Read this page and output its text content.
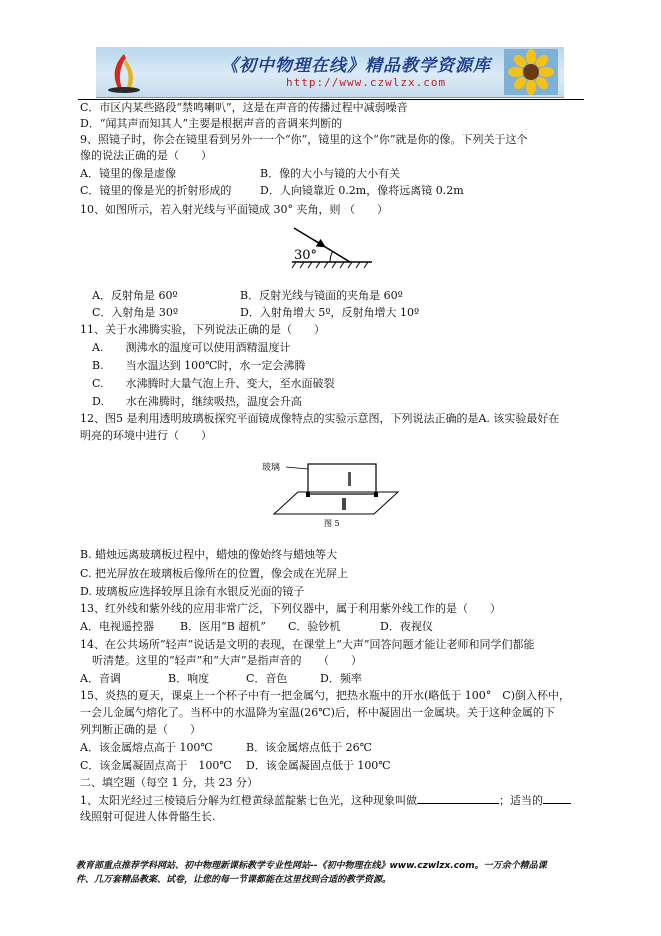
《初中物理在线》精品教学资源库
http://www.czwlzx.com
C．市区内某些路段“禁鸣喇叭”，这是在声音的传播过程中减弱噪音
D．“闻其声而知其人”主要是根据声音的音调来判断的
9、照镜子时，你会在镜里看到另外一一个“你”，镜里的这个“你”就是你的像。下列关于这个
像的说法正确的是（　　）
A．镜里的像是虚像	B．像的大小与镜的大小有关
C．镜里的像是光的折射形成的	D．人向镜靠近 0.2m，像将远离镜 0.2m
10、如图所示，若入射光线与平面镜成 30° 夹角，则 （　　）
30°
A．反射角是 60º	B．反射光线与镜面的夹角是 60º
C．入射角是 30º	D．入射角增大 5º，反射角增大 10º
11、关于水沸腾实验，下列说法正确的是（　　）
A.　　测沸水的温度可以使用酒精温度计
B.　　当水温达到 100℃时，水一定会沸腾
C.　　水沸腾时大量气泡上升、变大，至水面破裂
D.　　水在沸腾时，继续吸热，温度会升高
12、图5 是利用透明玻璃板探究平面镜成像特点的实验示意图，下列说法正确的是A. 该实验最好在
明亮的环境中进行（　　）
玻璃
图 5
B. 蜡烛远离玻璃板过程中，蜡烛的像始终与蜡烛等大
C. 把光屏放在玻璃板后像所在的位置，像会成在光屏上
D. 玻璃板应选择较厚且涂有水银反光面的镜子
13、红外线和紫外线的应用非常广泛，下列仪器中，属于利用紫外线工作的是（　　）
A．电视遥控器 B．医用“B 超机” C．验钞机	D．夜视仪
14、在公共场所“轻声”说话是文明的表现，在课堂上“大声”回答问题才能让老师和同学们都能
听清楚。这里的“轻声”和“大声”是指声音的　　（　　）
A．音调	B．响度	C．音色	D．频率
15、炎热的夏天，课桌上一个杯子中有一把金属勺，把热水瓶中的开水(略低于 100°　C)倒入杯中，
一会儿金属勺熔化了。当杯中的水温降为室温(26℃)后，杯中凝固出一金属块。关于这种金属的下
列判断正确的是（　　）
A．该金属熔点高于 100℃	B．该金属熔点低于 26℃
C．该金属凝固点高于　100℃ D．该金属凝固点低于 100℃
二、填空题（每空 1 分，共 23 分）
1、太阳光经过三棱镜后分解为红橙黄绿蓝靛紫七色光，这种现象叫做	；适当的
线照射可促进人体骨骼生长.
教育部重点推荐学科网站、初中物理新课标教学专业性网站--《初中物理在线》www.czwlzx.com。一万余个精品课
件、几万套精品教案、试卷，让您的每一节课都能在这里找到合适的教学资源。
